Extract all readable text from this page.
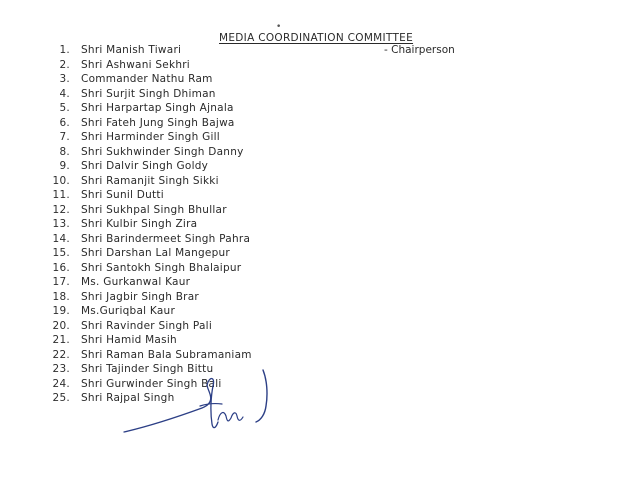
•
MEDIA COORDINATION COMMITTEE
- Chairperson
1. Shri Manish Tiwari
2. Shri Ashwani Sekhri
3. Commander Nathu Ram
4. Shri Surjit Singh Dhiman
5. Shri Harpartap Singh Ajnala
6. Shri Fateh Jung Singh Bajwa
7. Shri Harminder Singh Gill
8. Shri Sukhwinder Singh Danny
9. Shri Dalvir Singh Goldy
10. Shri Ramanjit Singh Sikki
11. Shri Sunil Dutti
12. Shri Sukhpal Singh Bhullar
13. Shri Kulbir Singh Zira
14. Shri Barindermeet Singh Pahra
15. Shri Darshan Lal Mangepur
16. Shri Santokh Singh Bhalaipur
17. Ms. Gurkanwal Kaur
18. Shri Jagbir Singh Brar
19. Ms.Guriqbal Kaur
20. Shri Ravinder Singh Pali
21. Shri Hamid Masih
22. Shri Raman Bala Subramaniam
23. Shri Tajinder Singh Bittu
24. Shri Gurwinder Singh Bali
25. Shri Rajpal Singh
